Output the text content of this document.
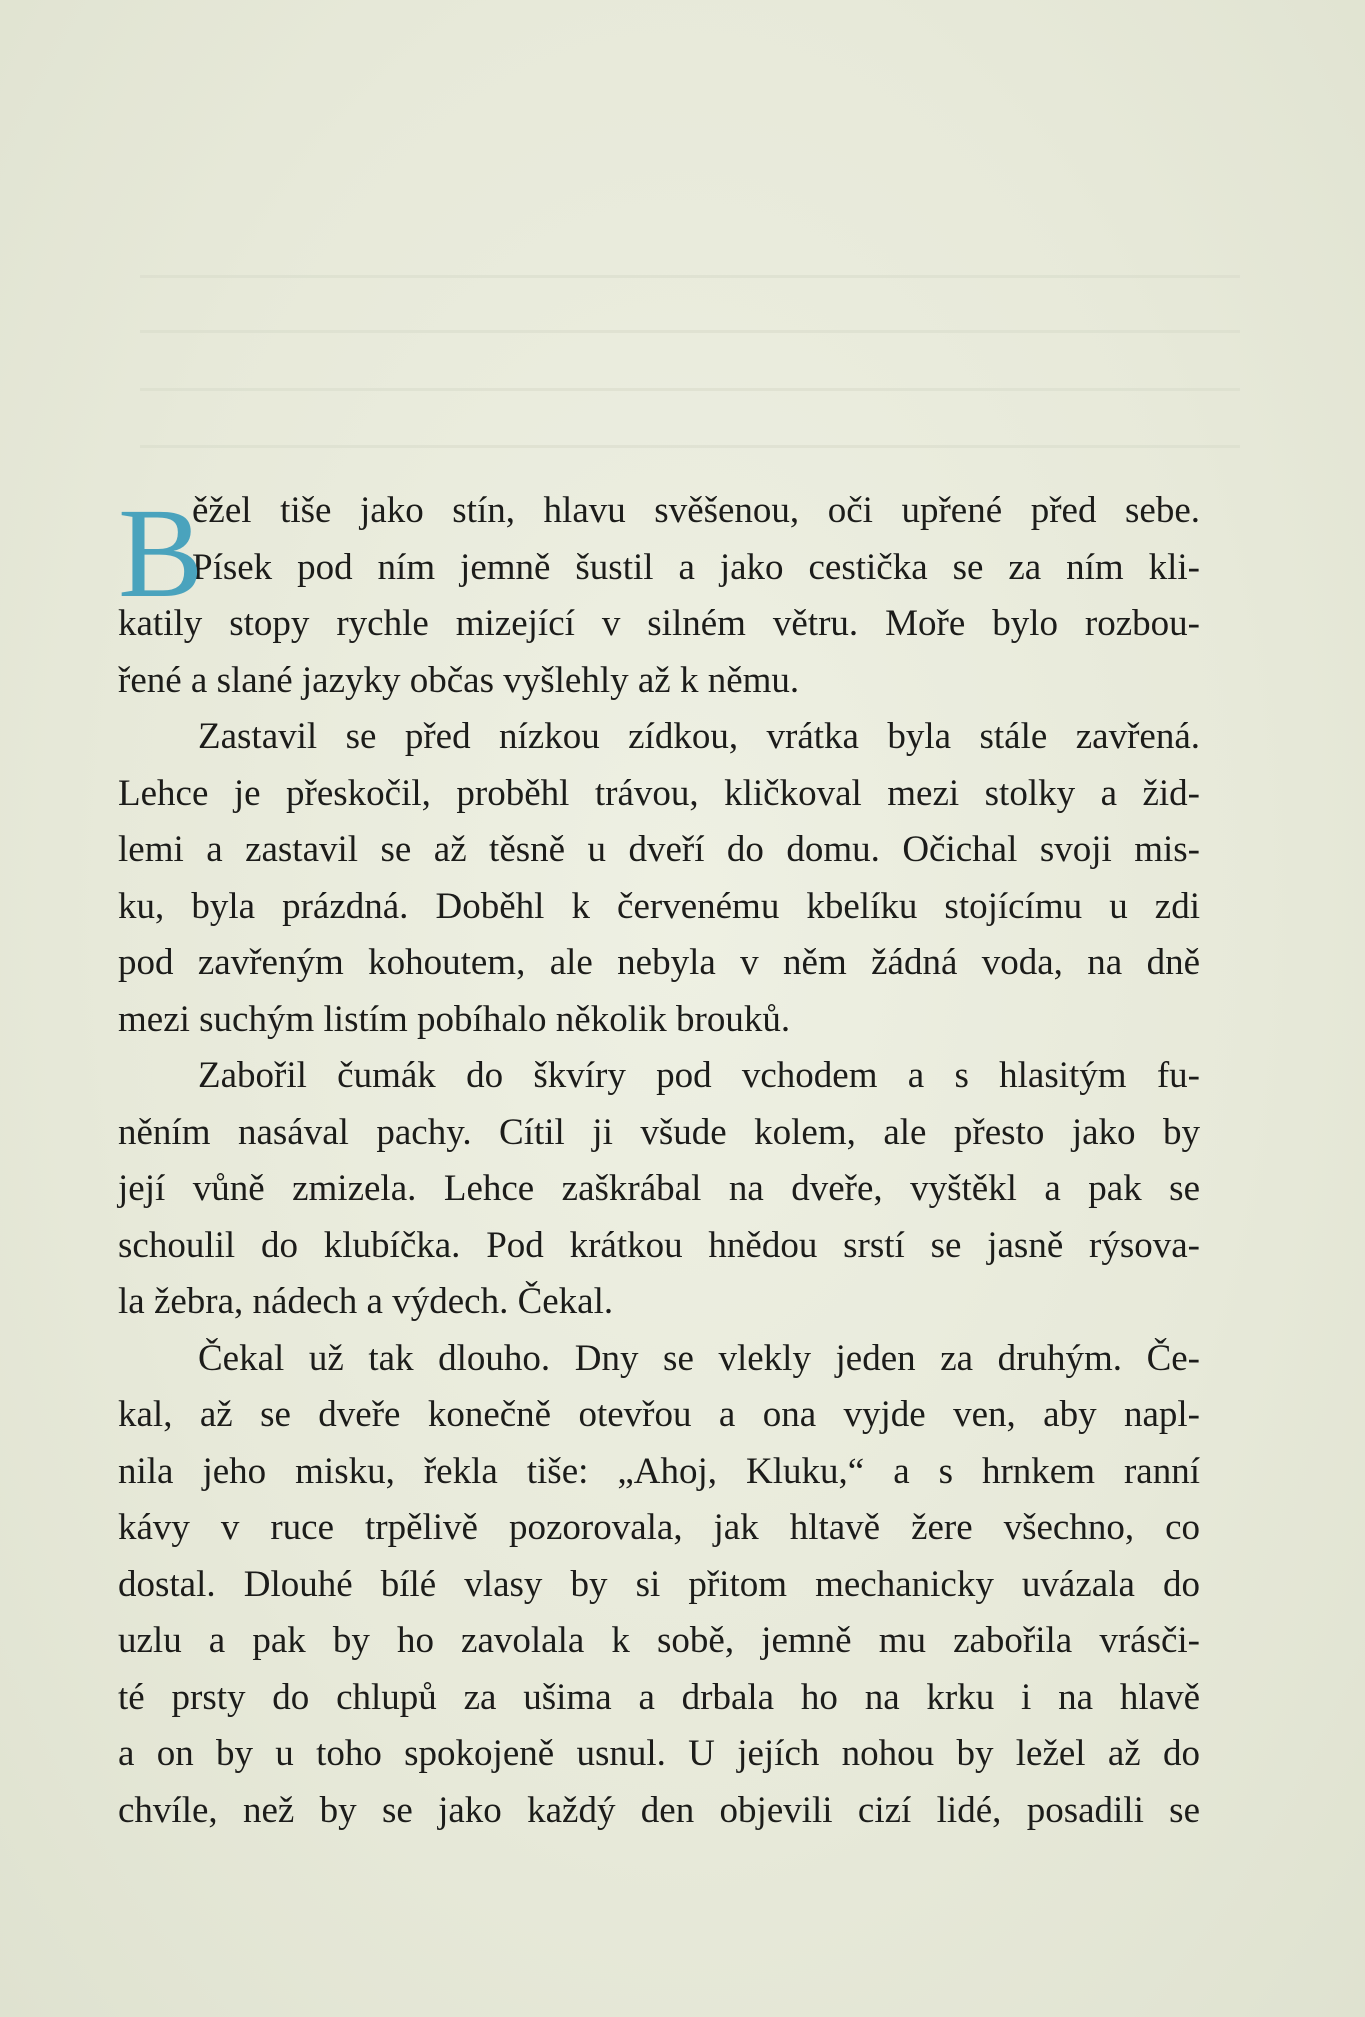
B
ěžel tiše jako stín, hlavu svěšenou, oči upřené před sebe.
Písek pod ním jemně šustil a jako cestička se za ním kli-
katily stopy rychle mizející v silném větru. Moře bylo rozbou-
řené a slané jazyky občas vyšlehly až k němu.
Zastavil se před nízkou zídkou, vrátka byla stále zavřená.
Lehce je přeskočil, proběhl trávou, kličkoval mezi stolky a žid-
lemi a zastavil se až těsně u dveří do domu. Očichal svoji mis-
ku, byla prázdná. Doběhl k červenému kbelíku stojícímu u zdi
pod zavřeným kohoutem, ale nebyla v něm žádná voda, na dně
mezi suchým listím pobíhalo několik brouků.
Zabořil čumák do škvíry pod vchodem a s hlasitým fu-
něním nasával pachy. Cítil ji všude kolem, ale přesto jako by
její vůně zmizela. Lehce zaškrábal na dveře, vyštěkl a pak se
schoulil do klubíčka. Pod krátkou hnědou srstí se jasně rýsova-
la žebra, nádech a výdech. Čekal.
Čekal už tak dlouho. Dny se vlekly jeden za druhým. Če-
kal, až se dveře konečně otevřou a ona vyjde ven, aby napl-
nila jeho misku, řekla tiše: „Ahoj, Kluku,“ a s hrnkem ranní
kávy v ruce trpělivě pozorovala, jak hltavě žere všechno, co
dostal. Dlouhé bílé vlasy by si přitom mechanicky uvázala do
uzlu a pak by ho zavolala k sobě, jemně mu zabořila vrásči-
té prsty do chlupů za ušima a drbala ho na krku i na hlavě
a on by u toho spokojeně usnul. U jejích nohou by ležel až do
chvíle, než by se jako každý den objevili cizí lidé, posadili se
